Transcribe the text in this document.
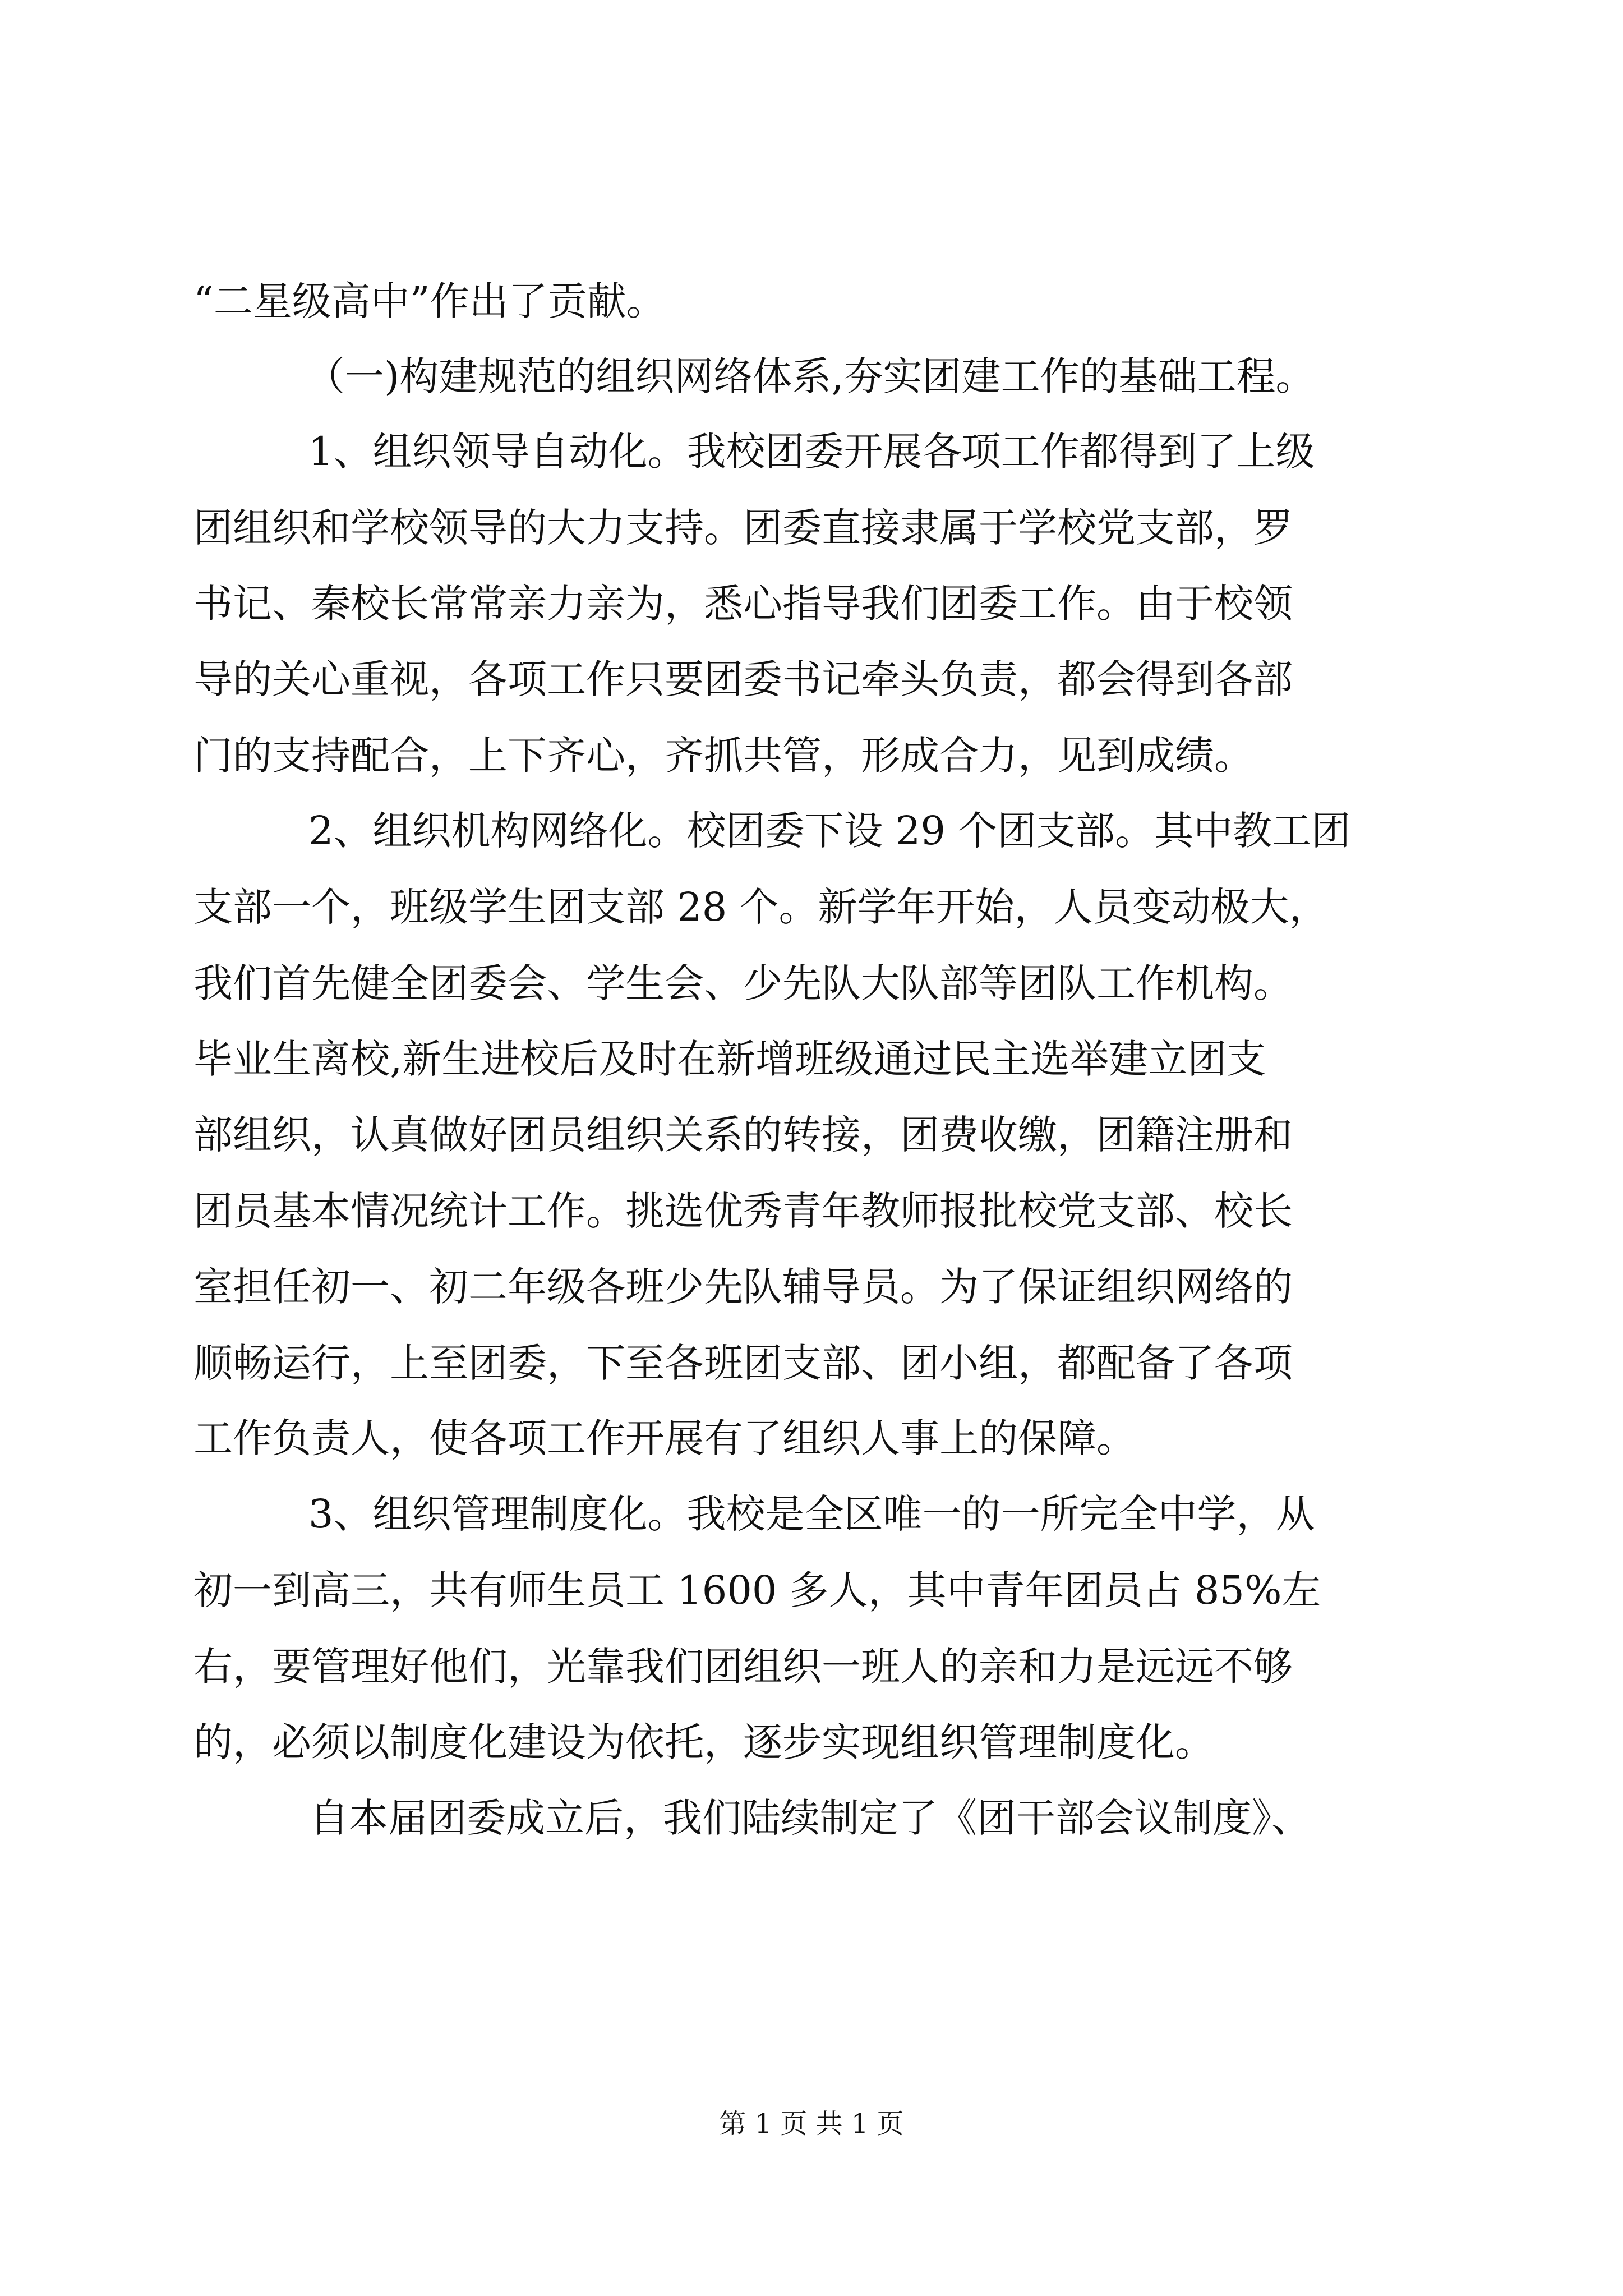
“二星级高中”作出了贡献。
（一)构建规范的组织网络体系,夯实团建工作的基础工程。
1、组织领导自动化。我校团委开展各项工作都得到了上级
团组织和学校领导的大力支持。团委直接隶属于学校党支部，罗
书记、秦校长常常亲力亲为，悉心指导我们团委工作。由于校领
导的关心重视，各项工作只要团委书记牵头负责，都会得到各部
门的支持配合，上下齐心，齐抓共管，形成合力，见到成绩。
2、组织机构网络化。校团委下设 29 个团支部。其中教工团
支部一个，班级学生团支部 28 个。新学年开始，人员变动极大，
我们首先健全团委会、学生会、少先队大队部等团队工作机构。
毕业生离校,新生进校后及时在新增班级通过民主选举建立团支
部组织，认真做好团员组织关系的转接，团费收缴，团籍注册和
团员基本情况统计工作。挑选优秀青年教师报批校党支部、校长
室担任初一、初二年级各班少先队辅导员。为了保证组织网络的
顺畅运行，上至团委，下至各班团支部、团小组，都配备了各项
工作负责人，使各项工作开展有了组织人事上的保障。
3、组织管理制度化。我校是全区唯一的一所完全中学，从
初一到高三，共有师生员工 1600 多人，其中青年团员占 85%左
右，要管理好他们，光靠我们团组织一班人的亲和力是远远不够
的，必须以制度化建设为依托，逐步实现组织管理制度化。
自本届团委成立后，我们陆续制定了《团干部会议制度》、
第 1 页 共 1 页
